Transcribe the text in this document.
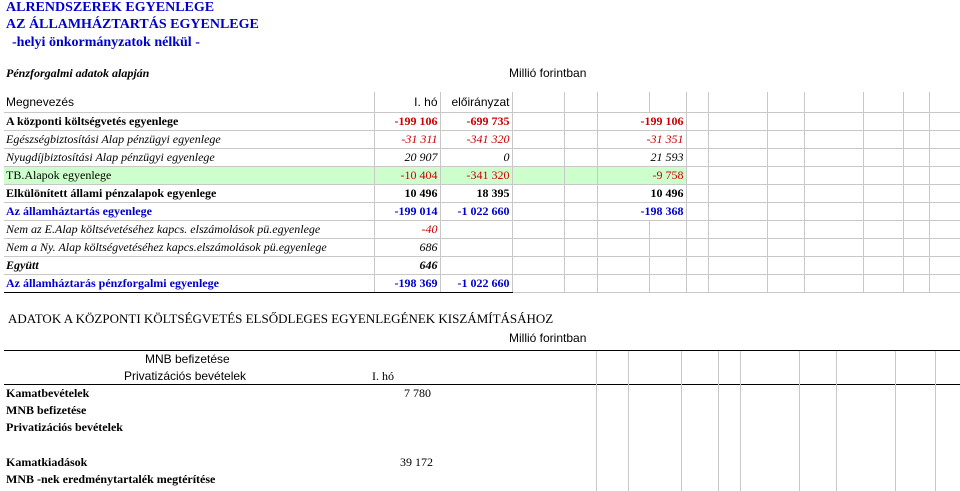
ALRENDSZEREK EGYENLEGE
AZ ÁLLAMHÁZTARTÁS EGYENLEGE
-helyi önkormányzatok nélkül -
Pénzforgalmi adatok alapján	Millió forintban
Megnevezés	I. hó	előirányzat											
A központi költségvetés egyenlege	-199 106	-699 735			-199 106								
Egészségbiztosítási Alap pénzügyi egyenlege	-31 311	-341 320			-31 351								
Nyugdíjbiztosítási Alap pénzügyi egyenlege	20 907	0			21 593								
TB.Alapok egyenlege	-10 404	-341 320			-9 758								
Elkülönített állami pénzalapok egyenlege	10 496	18 395			10 496								
Az államháztartás egyenlege	-199 014	-1 022 660			-198 368								
Nem az E.Alap költsévetéséhez kapcs. elszámolások pü.egyenlege	-40												
Nem a Ny. Alap költségvetéséhez kapcs.elszámolások pü.egyenlege	686												
Együtt	646												
Az államháztarás pénzforgalmi egyenlege	-198 369	-1 022 660											
ADATOK A KÖZPONTI KÖLTSÉGVETÉS ELSŐDLEGES EGYENLEGÉNEK KISZÁMÍTÁSÁHOZ
Millió forintban
MNB befizetése
Privatizációs bevételek	I. hó
Kamatbevételek	7 780
MNB befizetése
Privatizációs bevételek
Kamatkiadások	39 172
MNB -nek eredménytartalék megtérítése
